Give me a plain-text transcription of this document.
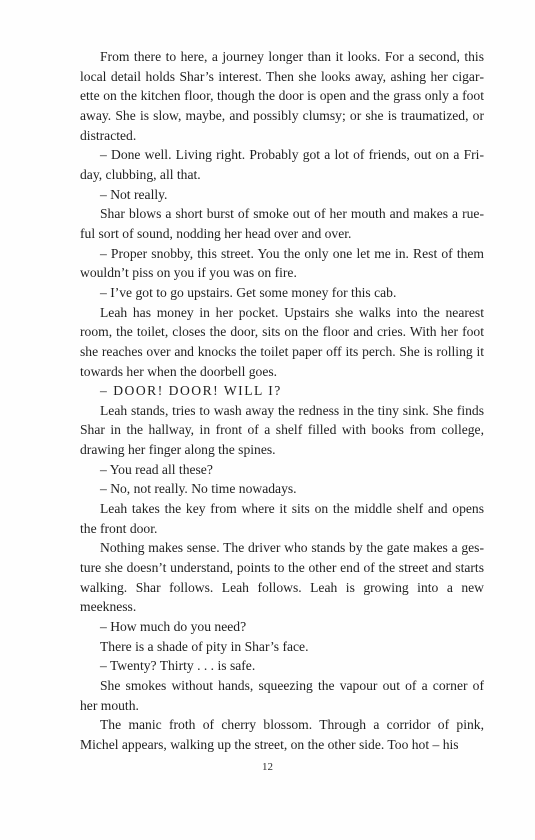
From there to here, a journey longer than it looks. For a second, this local detail holds Shar’s interest. Then she looks away, ashing her cigarette on the kitchen floor, though the door is open and the grass only a foot away. She is slow, maybe, and possibly clumsy; or she is traumatized, or distracted.

– Done well. Living right. Probably got a lot of friends, out on a Friday, clubbing, all that.

– Not really.

Shar blows a short burst of smoke out of her mouth and makes a rueful sort of sound, nodding her head over and over.

– Proper snobby, this street. You the only one let me in. Rest of them wouldn’t piss on you if you was on fire.

– I’ve got to go upstairs. Get some money for this cab.

Leah has money in her pocket. Upstairs she walks into the nearest room, the toilet, closes the door, sits on the floor and cries. With her foot she reaches over and knocks the toilet paper off its perch. She is rolling it towards her when the doorbell goes.

– DOOR! DOOR! WILL I?

Leah stands, tries to wash away the redness in the tiny sink. She finds Shar in the hallway, in front of a shelf filled with books from college, drawing her finger along the spines.

– You read all these?

– No, not really. No time nowadays.

Leah takes the key from where it sits on the middle shelf and opens the front door.

Nothing makes sense. The driver who stands by the gate makes a gesture she doesn’t understand, points to the other end of the street and starts walking. Shar follows. Leah follows. Leah is growing into a new meekness.

– How much do you need?

There is a shade of pity in Shar’s face.

– Twenty? Thirty . . . is safe.

She smokes without hands, squeezing the vapour out of a corner of her mouth.

The manic froth of cherry blossom. Through a corridor of pink, Michel appears, walking up the street, on the other side. Too hot – his

12
